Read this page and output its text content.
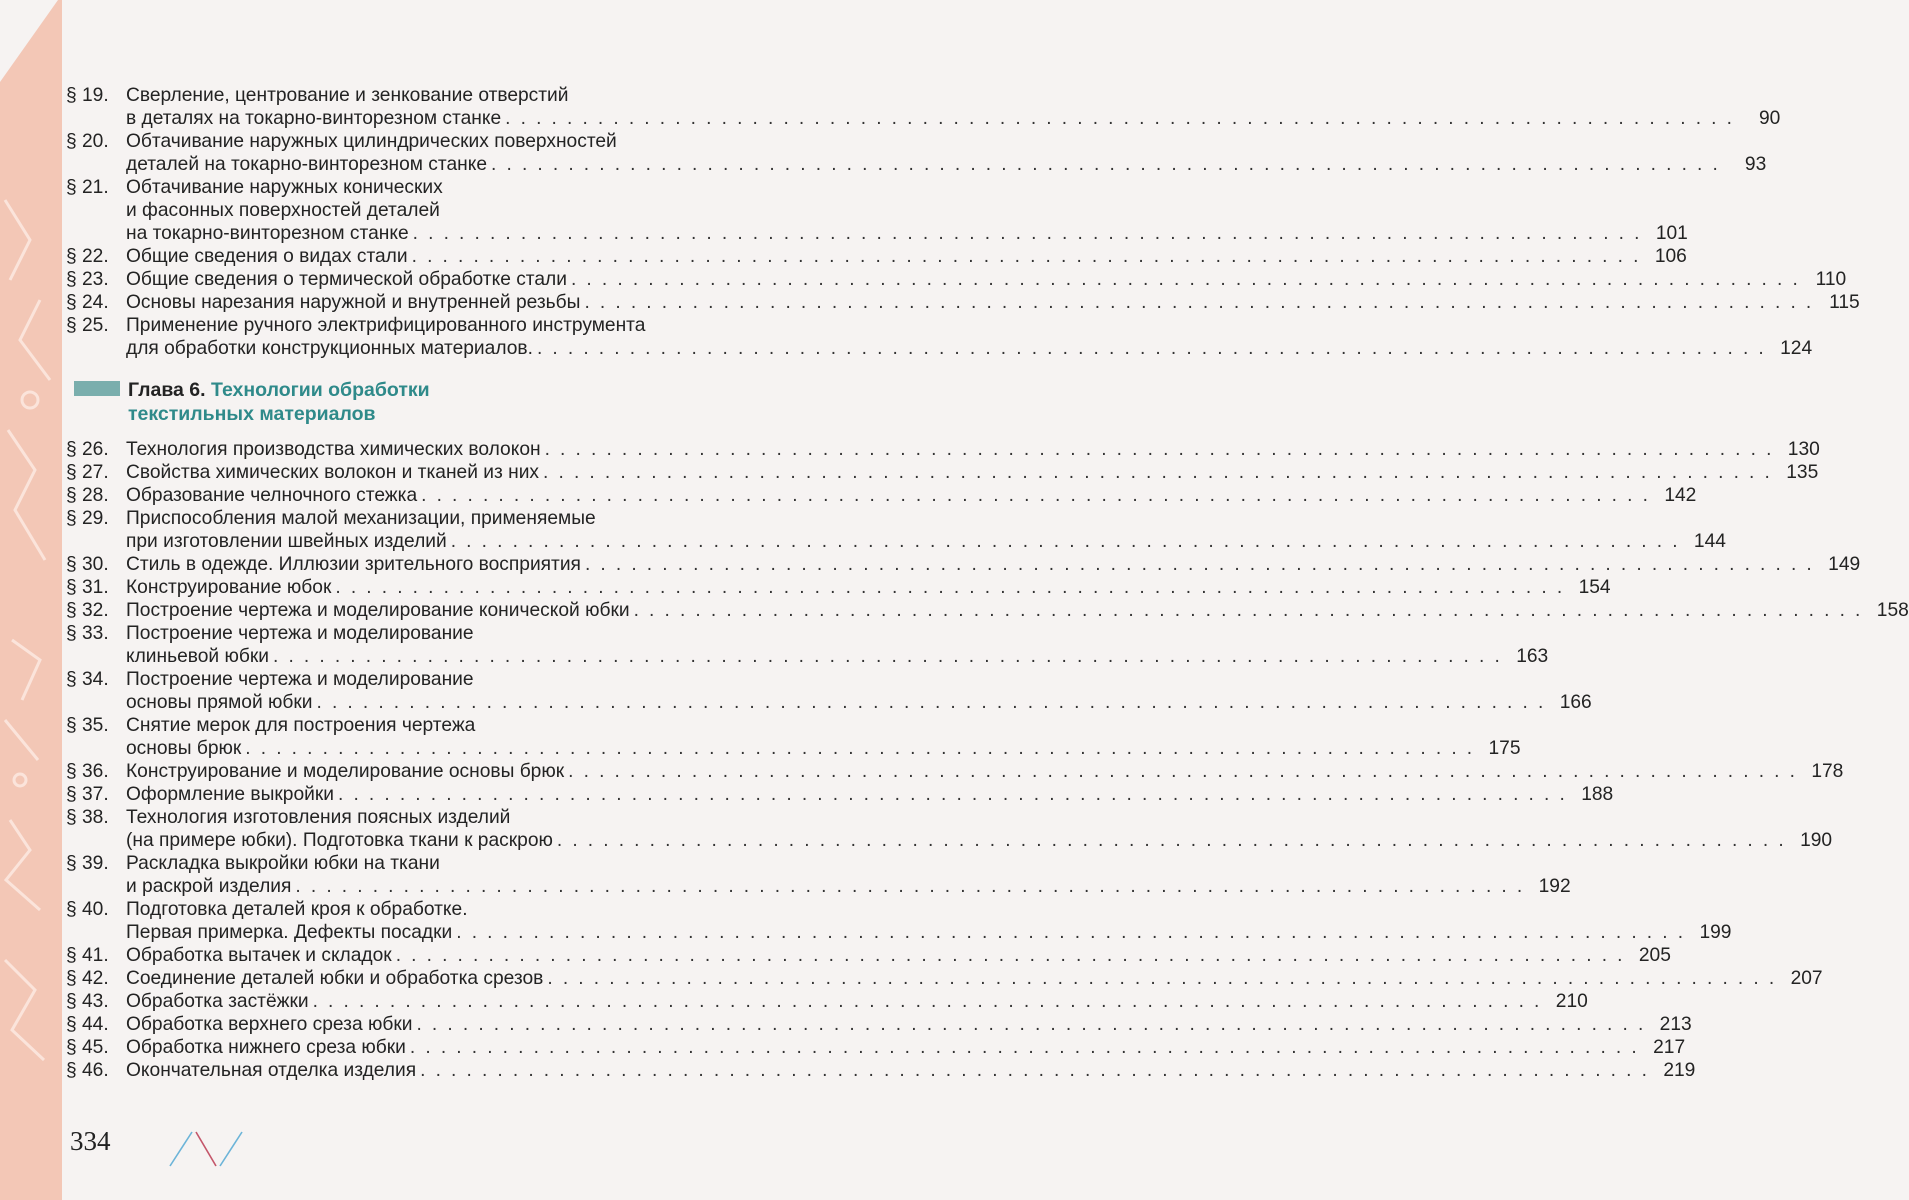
§ 19. Сверление, центрование и зенкование отверстий
в деталях на токарно-винторезном станке . . . . . . . . . . . . . . . . . . . . . . . . . . . . . . . . . . . . . . . . . . . . . . . . . . . . . . . . . . . . . . . . . . . . . . . . . . . . . . . .	90
§ 20. Обтачивание наружных цилиндрических поверхностей
деталей на токарно-винторезном станке . . . . . . . . . . . . . . . . . . . . . . . . . . . . . . . . . . . . . . . . . . . . . . . . . . . . . . . . . . . . . . . . . . . . . . . . . . . . . . . .	93
§ 21. Обтачивание наружных конических
и фасонных поверхностей деталей
на токарно-винторезном станке . . . . . . . . . . . . . . . . . . . . . . . . . . . . . . . . . . . . . . . . . . . . . . . . . . . . . . . . . . . . . . . . . . . . . . . . . . . . . . . . 101
§ 22. Общие сведения о видах стали . . . . . . . . . . . . . . . . . . . . . . . . . . . . . . . . . . . . . . . . . . . . . . . . . . . . . . . . . . . . . . . . . . . . . . . . . . . . . . . . 106
§ 23. Общие сведения о термической обработке стали . . . . . . . . . . . . . . . . . . . . . . . . . . . . . . . . . . . . . . . . . . . . . . . . . . . . . . . . . . . . . . . . . . . . . . . . . . . . . . . . 110
§ 24. Основы нарезания наружной и внутренней резьбы . . . . . . . . . . . . . . . . . . . . . . . . . . . . . . . . . . . . . . . . . . . . . . . . . . . . . . . . . . . . . . . . . . . . . . . . . . . . . . . . 115
§ 25. Применение ручного электрифицированного инструмента
для обработки конструкционных материалов. . . . . . . . . . . . . . . . . . . . . . . . . . . . . . . . . . . . . . . . . . . . . . . . . . . . . . . . . . . . . . . . . . . . . . . . . . . . . . . . . 124
Глава 6. Технологии обработки
текстильных материалов
§ 26. Технология производства химических волокон . . . . . . . . . . . . . . . . . . . . . . . . . . . . . . . . . . . . . . . . . . . . . . . . . . . . . . . . . . . . . . . . . . . . . . . . . . . . . . . . 130
§ 27. Свойства химических волокон и тканей из них . . . . . . . . . . . . . . . . . . . . . . . . . . . . . . . . . . . . . . . . . . . . . . . . . . . . . . . . . . . . . . . . . . . . . . . . . . . . . . . . 135
§ 28. Образование челночного стежка . . . . . . . . . . . . . . . . . . . . . . . . . . . . . . . . . . . . . . . . . . . . . . . . . . . . . . . . . . . . . . . . . . . . . . . . . . . . . . . . 142
§ 29. Приспособления малой механизации, применяемые
при изготовлении швейных изделий . . . . . . . . . . . . . . . . . . . . . . . . . . . . . . . . . . . . . . . . . . . . . . . . . . . . . . . . . . . . . . . . . . . . . . . . . . . . . . . . 144
§ 30. Стиль в одежде. Иллюзии зрительного восприятия . . . . . . . . . . . . . . . . . . . . . . . . . . . . . . . . . . . . . . . . . . . . . . . . . . . . . . . . . . . . . . . . . . . . . . . . . . . . . . . . 149
§ 31. Конструирование юбок . . . . . . . . . . . . . . . . . . . . . . . . . . . . . . . . . . . . . . . . . . . . . . . . . . . . . . . . . . . . . . . . . . . . . . . . . . . . . . . . 154
§ 32. Построение чертежа и моделирование конической юбки . . . . . . . . . . . . . . . . . . . . . . . . . . . . . . . . . . . . . . . . . . . . . . . . . . . . . . . . . . . . . . . . . . . . . . . . . . . . . . . . 158
§ 33. Построение чертежа и моделирование
клиньевой юбки . . . . . . . . . . . . . . . . . . . . . . . . . . . . . . . . . . . . . . . . . . . . . . . . . . . . . . . . . . . . . . . . . . . . . . . . . . . . . . . . 163
§ 34. Построение чертежа и моделирование
основы прямой юбки . . . . . . . . . . . . . . . . . . . . . . . . . . . . . . . . . . . . . . . . . . . . . . . . . . . . . . . . . . . . . . . . . . . . . . . . . . . . . . . . 166
§ 35. Снятие мерок для построения чертежа
основы брюк . . . . . . . . . . . . . . . . . . . . . . . . . . . . . . . . . . . . . . . . . . . . . . . . . . . . . . . . . . . . . . . . . . . . . . . . . . . . . . . . 175
§ 36. Конструирование и моделирование основы брюк . . . . . . . . . . . . . . . . . . . . . . . . . . . . . . . . . . . . . . . . . . . . . . . . . . . . . . . . . . . . . . . . . . . . . . . . . . . . . . . . 178
§ 37. Оформление выкройки . . . . . . . . . . . . . . . . . . . . . . . . . . . . . . . . . . . . . . . . . . . . . . . . . . . . . . . . . . . . . . . . . . . . . . . . . . . . . . . . 188
§ 38. Технология изготовления поясных изделий
(на примере юбки). Подготовка ткани к раскрою . . . . . . . . . . . . . . . . . . . . . . . . . . . . . . . . . . . . . . . . . . . . . . . . . . . . . . . . . . . . . . . . . . . . . . . . . . . . . . . . 190
§ 39. Раскладка выкройки юбки на ткани
и раскрой изделия . . . . . . . . . . . . . . . . . . . . . . . . . . . . . . . . . . . . . . . . . . . . . . . . . . . . . . . . . . . . . . . . . . . . . . . . . . . . . . . . 192
§ 40. Подготовка деталей кроя к обработке.
Первая примерка. Дефекты посадки . . . . . . . . . . . . . . . . . . . . . . . . . . . . . . . . . . . . . . . . . . . . . . . . . . . . . . . . . . . . . . . . . . . . . . . . . . . . . . . . 199
§ 41. Обработка вытачек и складок . . . . . . . . . . . . . . . . . . . . . . . . . . . . . . . . . . . . . . . . . . . . . . . . . . . . . . . . . . . . . . . . . . . . . . . . . . . . . . . . 205
§ 42. Соединение деталей юбки и обработка срезов . . . . . . . . . . . . . . . . . . . . . . . . . . . . . . . . . . . . . . . . . . . . . . . . . . . . . . . . . . . . . . . . . . . . . . . . . . . . . . . . 207
§ 43. Обработка застёжки . . . . . . . . . . . . . . . . . . . . . . . . . . . . . . . . . . . . . . . . . . . . . . . . . . . . . . . . . . . . . . . . . . . . . . . . . . . . . . . . 210
§ 44. Обработка верхнего среза юбки . . . . . . . . . . . . . . . . . . . . . . . . . . . . . . . . . . . . . . . . . . . . . . . . . . . . . . . . . . . . . . . . . . . . . . . . . . . . . . . . 213
§ 45. Обработка нижнего среза юбки . . . . . . . . . . . . . . . . . . . . . . . . . . . . . . . . . . . . . . . . . . . . . . . . . . . . . . . . . . . . . . . . . . . . . . . . . . . . . . . . 217
§ 46. Окончательная отделка изделия . . . . . . . . . . . . . . . . . . . . . . . . . . . . . . . . . . . . . . . . . . . . . . . . . . . . . . . . . . . . . . . . . . . . . . . . . . . . . . . . 219
334
